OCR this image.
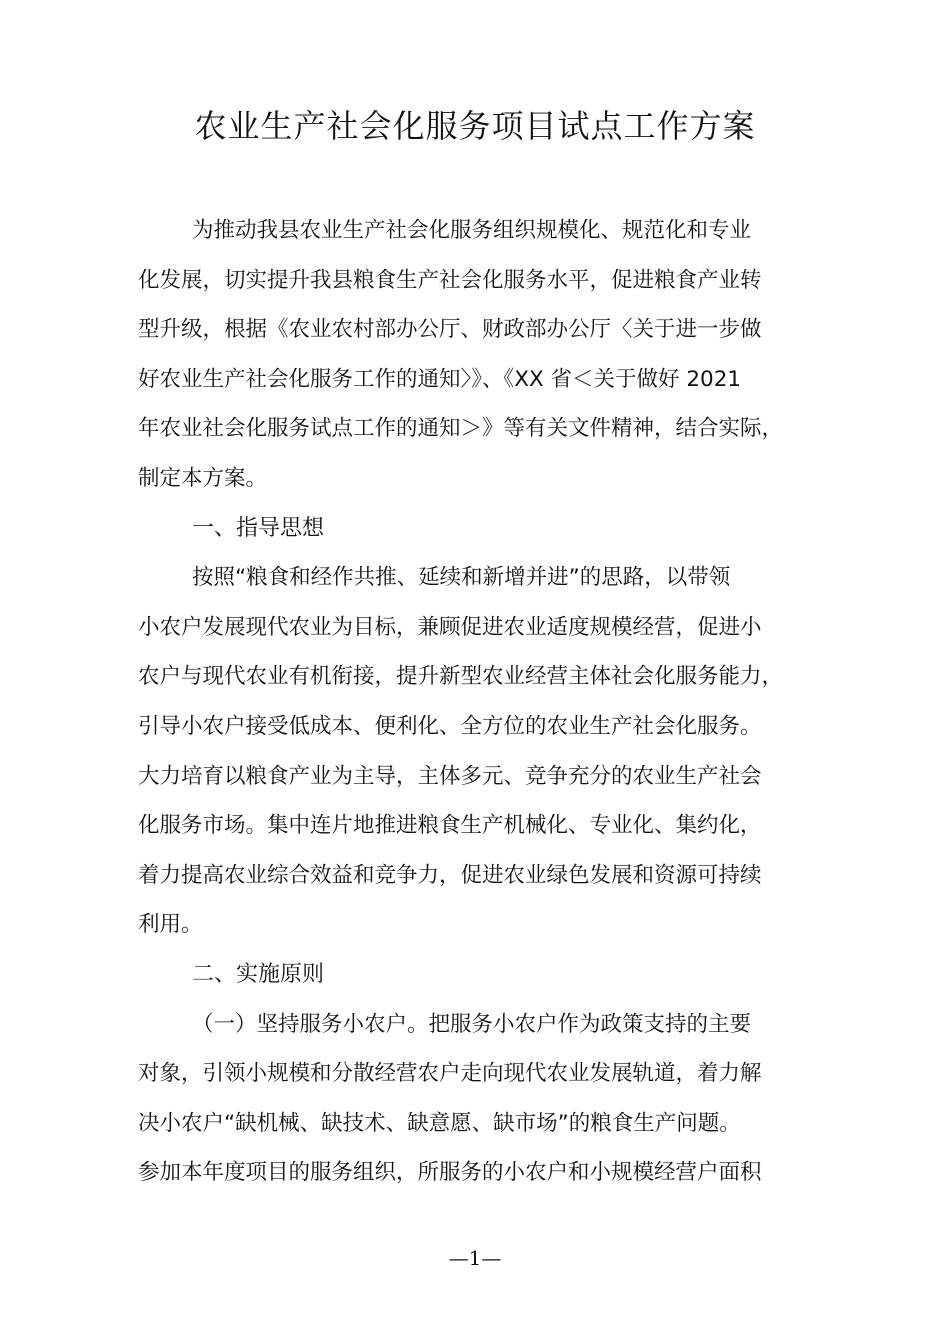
农业生产社会化服务项目试点工作方案
为推动我县农业生产社会化服务组织规模化、规范化和专业
化发展，切实提升我县粮食生产社会化服务水平，促进粮食产业转
型升级，根据《农业农村部办公厅、财政部办公厅〈关于进一步做
好农业生产社会化服务工作的通知〉》、《XX 省＜关于做好 2021
年农业社会化服务试点工作的通知＞》等有关文件精神，结合实际，
制定本方案。
一、指导思想
按照“粮食和经作共推、延续和新增并进”的思路，以带领
小农户发展现代农业为目标，兼顾促进农业适度规模经营，促进小
农户与现代农业有机衔接，提升新型农业经营主体社会化服务能力，
引导小农户接受低成本、便利化、全方位的农业生产社会化服务。
大力培育以粮食产业为主导，主体多元、竞争充分的农业生产社会
化服务市场。集中连片地推进粮食生产机械化、专业化、集约化，
着力提高农业综合效益和竞争力，促进农业绿色发展和资源可持续
利用。
二、实施原则
（一）坚持服务小农户。把服务小农户作为政策支持的主要
对象，引领小规模和分散经营农户走向现代农业发展轨道，着力解
决小农户“缺机械、缺技术、缺意愿、缺市场”的粮食生产问题。
参加本年度项目的服务组织，所服务的小农户和小规模经营户面积
—1—
